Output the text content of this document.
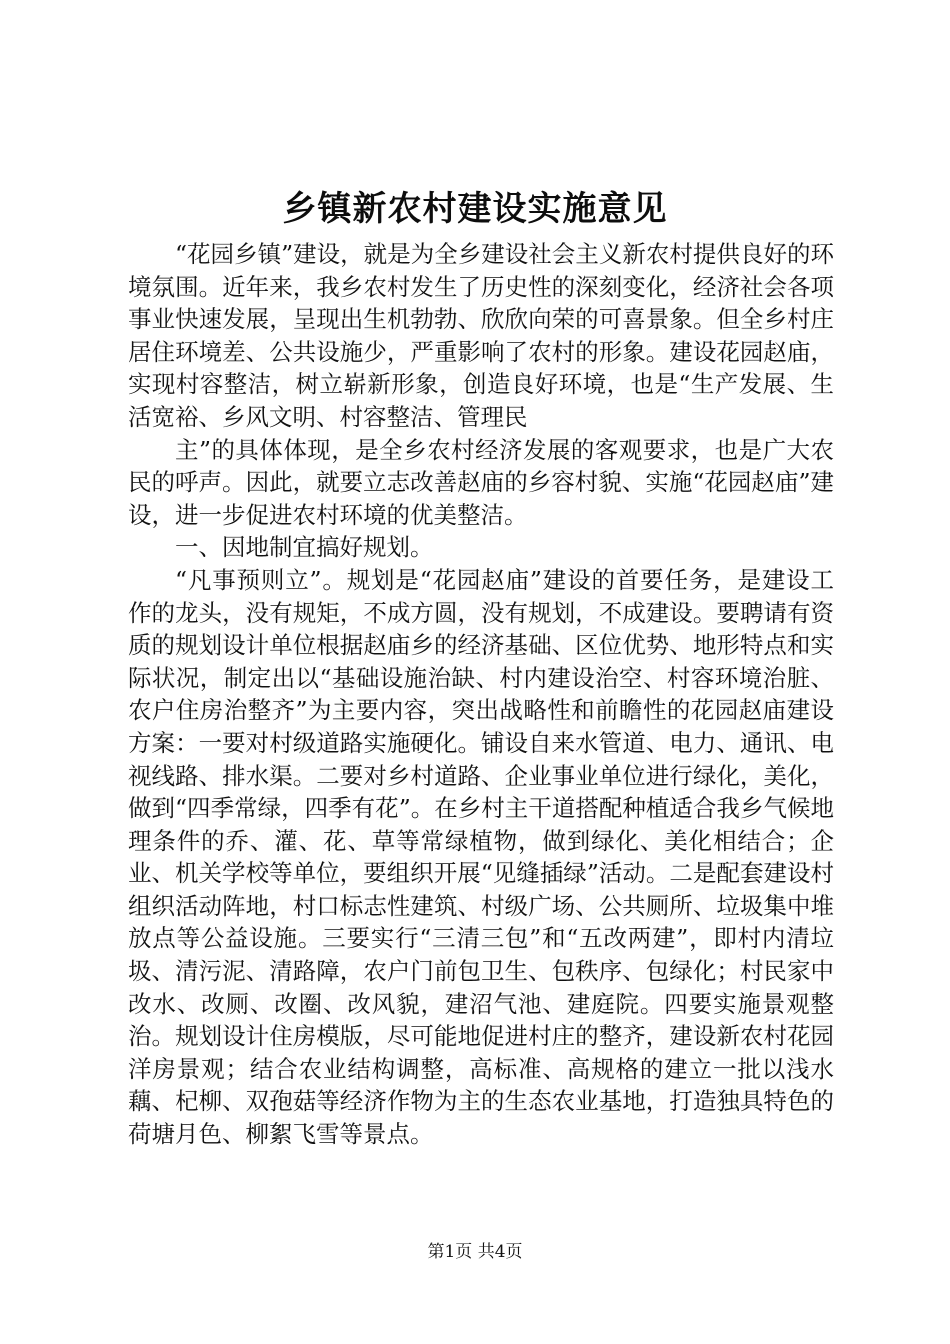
乡镇新农村建设实施意见

“花园乡镇”建设，就是为全乡建设社会主义新农村提供良好的环境氛围。近年来，我乡农村发生了历史性的深刻变化，经济社会各项事业快速发展，呈现出生机勃勃、欣欣向荣的可喜景象。但全乡村庄居住环境差、公共设施少，严重影响了农村的形象。建设花园赵庙，实现村容整洁，树立崭新形象，创造良好环境，也是“生产发展、生活宽裕、乡风文明、村容整洁、管理民

主”的具体体现，是全乡农村经济发展的客观要求，也是广大农民的呼声。因此，就要立志改善赵庙的乡容村貌、实施“花园赵庙”建设，进一步促进农村环境的优美整洁。

一、因地制宜搞好规划。

“凡事预则立”。规划是“花园赵庙”建设的首要任务，是建设工作的龙头，没有规矩，不成方圆，没有规划，不成建设。要聘请有资质的规划设计单位根据赵庙乡的经济基础、区位优势、地形特点和实际状况，制定出以“基础设施治缺、村内建设治空、村容环境治脏、农户住房治整齐”为主要内容，突出战略性和前瞻性的花园赵庙建设方案：一要对村级道路实施硬化。铺设自来水管道、电力、通讯、电视线路、排水渠。二要对乡村道路、企业事业单位进行绿化，美化，做到“四季常绿，四季有花”。在乡村主干道搭配种植适合我乡气候地理条件的乔、灌、花、草等常绿植物，做到绿化、美化相结合；企业、机关学校等单位，要组织开展“见缝插绿”活动。二是配套建设村组织活动阵地，村口标志性建筑、村级广场、公共厕所、垃圾集中堆放点等公益设施。三要实行“三清三包”和“五改两建”，即村内清垃圾、清污泥、清路障，农户门前包卫生、包秩序、包绿化；村民家中改水、改厕、改圈、改风貌，建沼气池、建庭院。四要实施景观整治。规划设计住房模版，尽可能地促进村庄的整齐，建设新农村花园洋房景观；结合农业结构调整，高标准、高规格的建立一批以浅水藕、杞柳、双孢菇等经济作物为主的生态农业基地，打造独具特色的荷塘月色、柳絮飞雪等景点。

第1页 共4页
